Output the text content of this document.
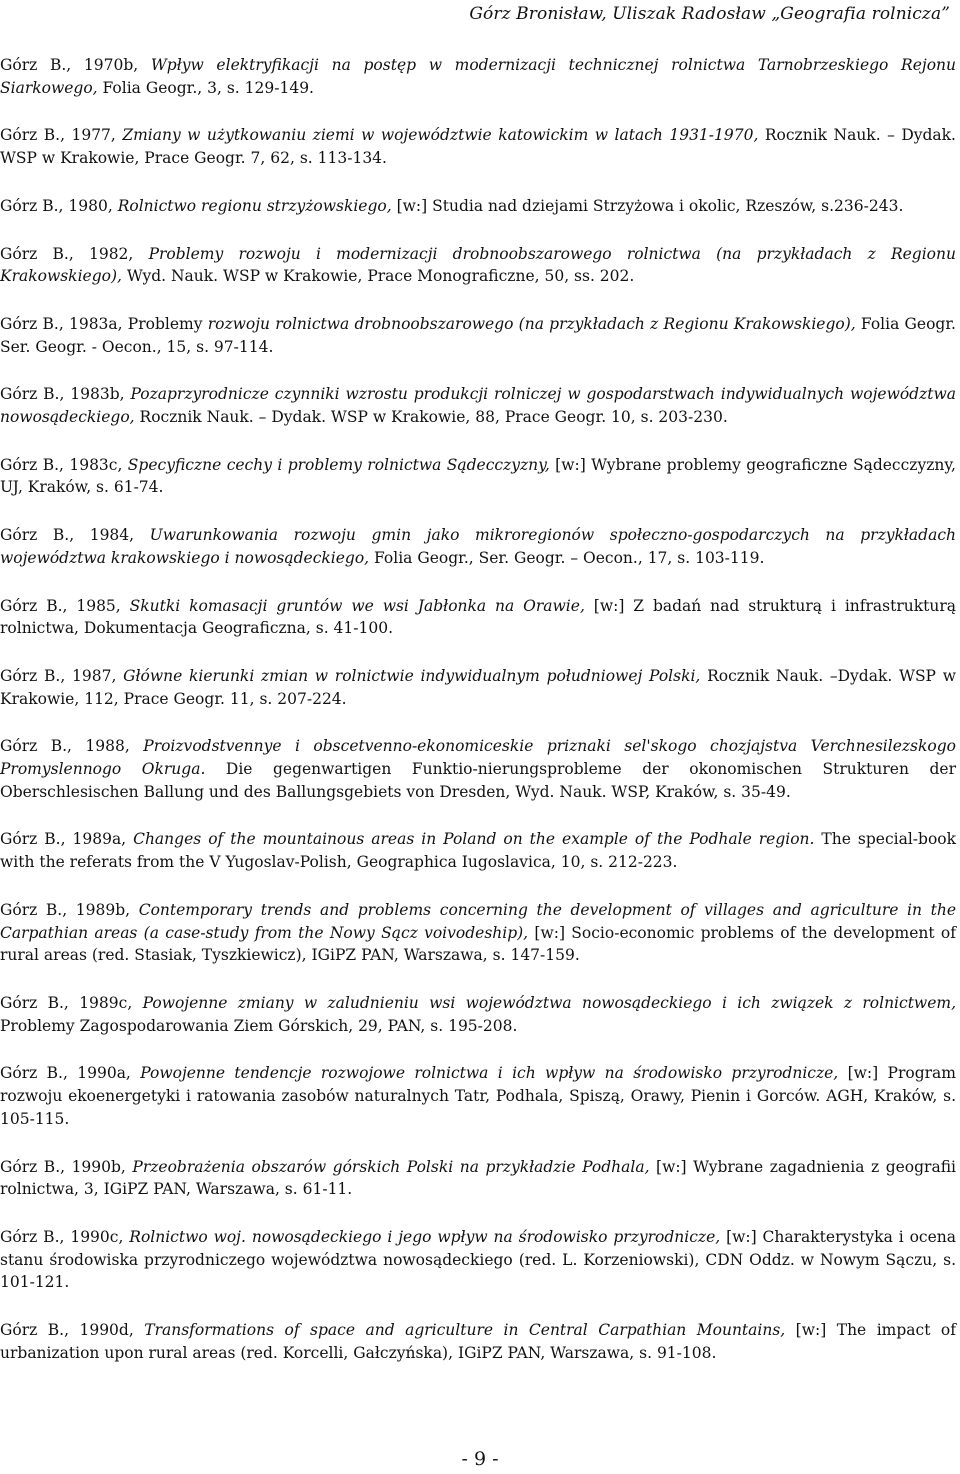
Górz Bronisław, Uliszak Radosław „Geografia rolnicza”

Górz B., 1970b, Wpływ elektryfikacji na postęp w modernizacji technicznej rolnictwa Tarnobrzeskiego Rejonu Siarkowego, Folia Geogr., 3, s. 129-149.

Górz B., 1977, Zmiany w użytkowaniu ziemi w województwie katowickim w latach 1931-1970, Rocznik Nauk. – Dydak. WSP w Krakowie, Prace Geogr. 7, 62, s. 113-134.

Górz B., 1980, Rolnictwo regionu strzyżowskiego, [w:] Studia nad dziejami Strzyżowa i okolic, Rzeszów, s.236-243.

Górz B., 1982, Problemy rozwoju i modernizacji drobnoobszarowego rolnictwa (na przykładach z Regionu Krakowskiego), Wyd. Nauk. WSP w Krakowie, Prace Monograficzne, 50, ss. 202.

Górz B., 1983a, Problemy rozwoju rolnictwa drobnoobszarowego (na przykładach z Regionu Krakowskiego), Folia Geogr. Ser. Geogr. - Oecon., 15, s. 97-114.

Górz B., 1983b, Pozaprzyrodnicze czynniki wzrostu produkcji rolniczej w gospodarstwach indywidualnych województwa nowosądeckiego, Rocznik Nauk. – Dydak. WSP w Krakowie, 88, Prace Geogr. 10, s. 203-230.

Górz B., 1983c, Specyficzne cechy i problemy rolnictwa Sądecczyzny, [w:] Wybrane problemy geograficzne Sądecczyzny, UJ, Kraków, s. 61-74.

Górz B., 1984, Uwarunkowania rozwoju gmin jako mikroregionów społeczno-gospodarczych na przykładach województwa krakowskiego i nowosądeckiego, Folia Geogr., Ser. Geogr. – Oecon., 17, s. 103-119.

Górz B., 1985, Skutki komasacji gruntów we wsi Jabłonka na Orawie, [w:] Z badań nad strukturą i infrastrukturą rolnictwa, Dokumentacja Geograficzna, s. 41-100.

Górz B., 1987, Główne kierunki zmian w rolnictwie indywidualnym południowej Polski, Rocznik Nauk. –Dydak. WSP w Krakowie, 112, Prace Geogr. 11, s. 207-224.

Górz B., 1988, Proizvodstvennye i obscetvenno-ekonomiceskie priznaki sel'skogo chozjajstva Verchnesilezskogo Promyslennogo Okruga. Die gegenwartigen Funktio-nierungsprobleme der okonomischen Strukturen der Oberschlesischen Ballung und des Ballungsgebiets von Dresden, Wyd. Nauk. WSP, Kraków, s. 35-49.

Górz B., 1989a, Changes of the mountainous areas in Poland on the example of the Podhale region. The special-book with the referats from the V Yugoslav-Polish, Geographica Iugoslavica, 10, s. 212-223.

Górz B., 1989b, Contemporary trends and problems concerning the development of villages and agriculture in the Carpathian areas (a case-study from the Nowy Sącz voivodeship), [w:] Socio-economic problems of the development of rural areas (red. Stasiak, Tyszkiewicz), IGiPZ PAN, Warszawa, s. 147-159.

Górz B., 1989c, Powojenne zmiany w zaludnieniu wsi województwa nowosądeckiego i ich związek z rolnictwem, Problemy Zagospodarowania Ziem Górskich, 29, PAN, s. 195-208.

Górz B., 1990a, Powojenne tendencje rozwojowe rolnictwa i ich wpływ na środowisko przyrodnicze, [w:] Program rozwoju ekoenergetyki i ratowania zasobów naturalnych Tatr, Podhala, Spiszą, Orawy, Pienin i Gorców. AGH, Kraków, s. 105-115.

Górz B., 1990b, Przeobrażenia obszarów górskich Polski na przykładzie Podhala, [w:] Wybrane zagadnienia z geografii rolnictwa, 3, IGiPZ PAN, Warszawa, s. 61-11.

Górz B., 1990c, Rolnictwo woj. nowosądeckiego i jego wpływ na środowisko przyrodnicze, [w:] Charakterystyka i ocena stanu środowiska przyrodniczego województwa nowosądeckiego (red. L. Korzeniowski), CDN Oddz. w Nowym Sączu, s. 101-121.

Górz B., 1990d, Transformations of space and agriculture in Central Carpathian Mountains, [w:] The impact of urbanization upon rural areas (red. Korcelli, Gałczyńska), IGiPZ PAN, Warszawa, s. 91-108.

- 9 -
